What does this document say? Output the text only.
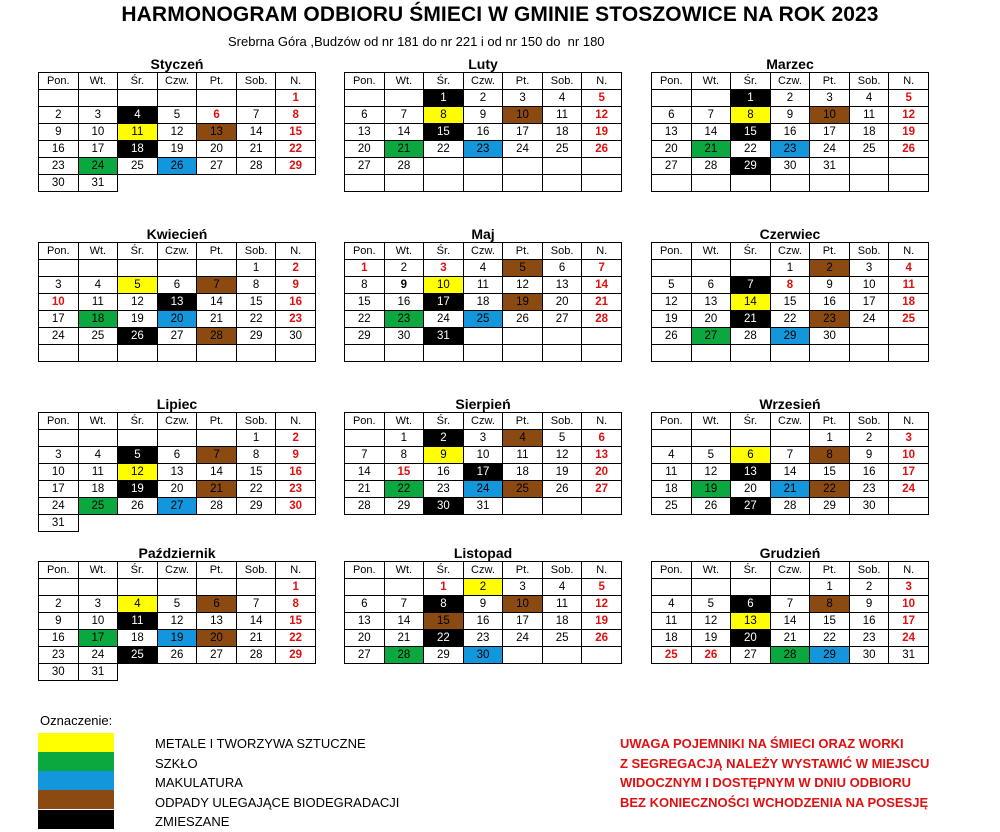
HARMONOGRAM ODBIORU ŚMIECI W GMINIE STOSZOWICE NA ROK 2023
Srebrna Góra ,Budzów od nr 181 do nr 221 i od nr 150 do  nr 180
Styczeń
Pon.	Wt.	Śr.	Czw.	Pt.	Sob.	N.
						1
2	3	4	5	6	7	8
9	10	11	12	13	14	15
16	17	18	19	20	21	22
23	24	25	26	27	28	29
30	31					
Luty
Pon.	Wt.	Śr.	Czw.	Pt.	Sob.	N.
		1	2	3	4	5
6	7	8	9	10	11	12
13	14	15	16	17	18	19
20	21	22	23	24	25	26
27	28					

Marzec
Pon.	Wt.	Śr.	Czw.	Pt.	Sob.	N.
		1	2	3	4	5
6	7	8	9	10	11	12
13	14	15	16	17	18	19
20	21	22	23	24	25	26
27	28	29	30	31		

Kwiecień
Pon.	Wt.	Śr.	Czw.	Pt.	Sob.	N.
					1	2
3	4	5	6	7	8	9
10	11	12	13	14	15	16
17	18	19	20	21	22	23
24	25	26	27	28	29	30

Maj
Pon.	Wt.	Śr.	Czw.	Pt.	Sob.	N.
1	2	3	4	5	6	7
8	9	10	11	12	13	14
15	16	17	18	19	20	21
22	23	24	25	26	27	28
29	30	31				

Czerwiec
Pon.	Wt.	Śr.	Czw.	Pt.	Sob.	N.
			1	2	3	4
5	6	7	8	9	10	11
12	13	14	15	16	17	18
19	20	21	22	23	24	25
26	27	28	29	30		

Lipiec
Pon.	Wt.	Śr.	Czw.	Pt.	Sob.	N.
					1	2
3	4	5	6	7	8	9
10	11	12	13	14	15	16
17	18	19	20	21	22	23
24	25	26	27	28	29	30
31						
Sierpień
Pon.	Wt.	Śr.	Czw.	Pt.	Sob.	N.
	1	2	3	4	5	6
7	8	9	10	11	12	13
14	15	16	17	18	19	20
21	22	23	24	25	26	27
28	29	30	31			

Wrzesień
Pon.	Wt.	Śr.	Czw.	Pt.	Sob.	N.
				1	2	3
4	5	6	7	8	9	10
11	12	13	14	15	16	17
18	19	20	21	22	23	24
25	26	27	28	29	30	

Październik
Pon.	Wt.	Śr.	Czw.	Pt.	Sob.	N.
						1
2	3	4	5	6	7	8
9	10	11	12	13	14	15
16	17	18	19	20	21	22
23	24	25	26	27	28	29
30	31					
Listopad
Pon.	Wt.	Śr.	Czw.	Pt.	Sob.	N.
		1	2	3	4	5
6	7	8	9	10	11	12
13	14	15	16	17	18	19
20	21	22	23	24	25	26
27	28	29	30			

Grudzień
Pon.	Wt.	Śr.	Czw.	Pt.	Sob.	N.
				1	2	3
4	5	6	7	8	9	10
11	12	13	14	15	16	17
18	19	20	21	22	23	24
25	26	27	28	29	30	31

Oznaczenie:
METALE I TWORZYWA SZTUCZNE
SZKŁO
MAKULATURA
ODPADY ULEGAJĄCE BIODEGRADACJI
ZMIESZANE
UWAGA POJEMNIKI NA ŚMIECI ORAZ WORKI
Z SEGREGACJĄ NALEŻY WYSTAWIĆ W MIEJSCU
WIDOCZNYM I DOSTĘPNYM W DNIU ODBIORU
BEZ KONIECZNOŚCI WCHODZENIA NA POSESJĘ
